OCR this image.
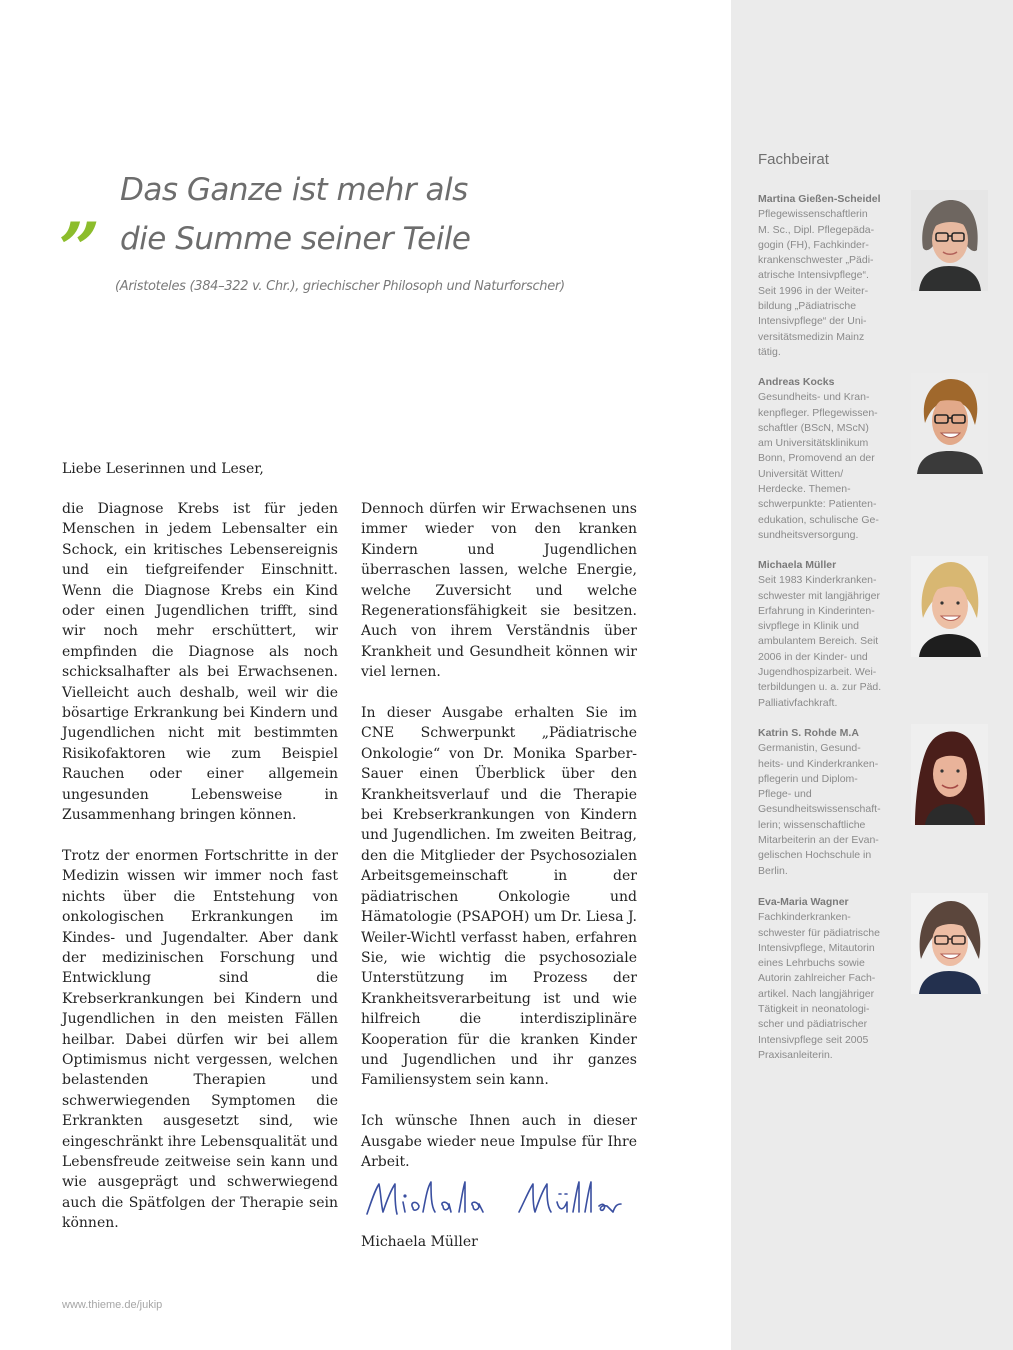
„ Das Ganze ist mehr als
die Summe seiner Teile
(Aristoteles (384–322 v. Chr.), griechischer Philosoph und Naturforscher)
Liebe Leserinnen und Leser,

die Diagnose Krebs ist für jeden Menschen in jedem Lebensalter ein Schock, ein kritisches Lebensereignis und ein tiefgreifender Einschnitt. Wenn die Diagnose Krebs ein Kind oder einen Jugendlichen trifft, sind wir noch mehr erschüttert, wir empfinden die Diagnose als noch schicksalhafter als bei Erwachsenen. Vielleicht auch deshalb, weil wir die bösartige Erkrankung bei Kindern und Jugendlichen nicht mit bestimmten Risikofaktoren wie zum Beispiel Rauchen oder einer allgemein ungesunden Lebensweise in Zusammenhang bringen können.

Trotz der enormen Fortschritte in der Medizin wissen wir immer noch fast nichts über die Entstehung von onkologischen Erkrankungen im Kindes- und Jugendalter. Aber dank der medizinischen Forschung und Entwicklung sind die Krebserkrankungen bei Kindern und Jugendlichen in den meisten Fällen heilbar. Dabei dürfen wir bei allem Optimismus nicht vergessen, welchen belastenden Therapien und schwerwiegenden Symptomen die Erkrankten ausgesetzt sind, wie eingeschränkt ihre Lebensqualität und Lebensfreude zeitweise sein kann und wie ausgeprägt und schwerwiegend auch die Spätfolgen der Therapie sein können.

Dennoch dürfen wir Erwachsenen uns immer wieder von den kranken Kindern und Jugendlichen überraschen lassen, welche Energie, welche Zuversicht und welche Regenerationsfähigkeit sie besitzen. Auch von ihrem Verständnis über Krankheit und Gesundheit können wir viel lernen.

In dieser Ausgabe erhalten Sie im CNE Schwerpunkt „Pädiatrische Onkologie“ von Dr. Monika Sparber-Sauer einen Überblick über den Krankheitsverlauf und die Therapie bei Krebserkrankungen von Kindern und Jugendlichen. Im zweiten Beitrag, den die Mitglieder der Psychosozialen Arbeitsgemeinschaft in der pädiatrischen Onkologie und Hämatologie (PSAPOH) um Dr. Liesa J. Weiler-Wichtl verfasst haben, erfahren Sie, wie wichtig die psychosoziale Unterstützung im Prozess der Krankheitsverarbeitung ist und wie hilfreich die interdisziplinäre Kooperation für die kranken Kinder und Jugendlichen und ihr ganzes Familiensystem sein kann.

Ich wünsche Ihnen auch in dieser Ausgabe wieder neue Impulse für Ihre Arbeit.

Michaela Müller

www.thieme.de/jukip
Fachbeirat
Martina Gießen-Scheidel
Pflegewissenschaftlerin
M. Sc., Dipl. Pflegepäda-
gogin (FH), Fachkinder-
krankenschwester „Pädi-
atrische Intensivpflege“.
Seit 1996 in der Weiter-
bildung „Pädiatrische
Intensivpflege“ der Uni-
versitätsmedizin Mainz
tätig.
Andreas Kocks
Gesundheits- und Kran-
kenpfleger. Pflegewissen-
schaftler (BScN, MScN)
am Universitätsklinikum
Bonn, Promovend an der
Universität Witten/
Herdecke. Themen-
schwerpunkte: Patienten-
edukation, schulische Ge-
sundheitsversorgung.
Michaela Müller
Seit 1983 Kinderkranken-
schwester mit langjähriger
Erfahrung in Kinderinten-
sivpflege in Klinik und
ambulantem Bereich. Seit
2006 in der Kinder- und
Jugendhospizarbeit. Wei-
terbildungen u. a. zur Päd.
Palliativfachkraft.
Katrin S. Rohde M.A
Germanistin, Gesund-
heits- und Kinderkranken-
pflegerin und Diplom-
Pflege- und
Gesundheitswissenschaft-
lerin; wissenschaftliche
Mitarbeiterin an der Evan-
gelischen Hochschule in
Berlin.
Eva-Maria Wagner
Fachkinderkranken-
schwester für pädiatrische
Intensivpflege, Mitautorin
eines Lehrbuchs sowie
Autorin zahlreicher Fach-
artikel. Nach langjähriger
Tätigkeit in neonatologi-
scher und pädiatrischer
Intensivpflege seit 2005
Praxisanleiterin.
